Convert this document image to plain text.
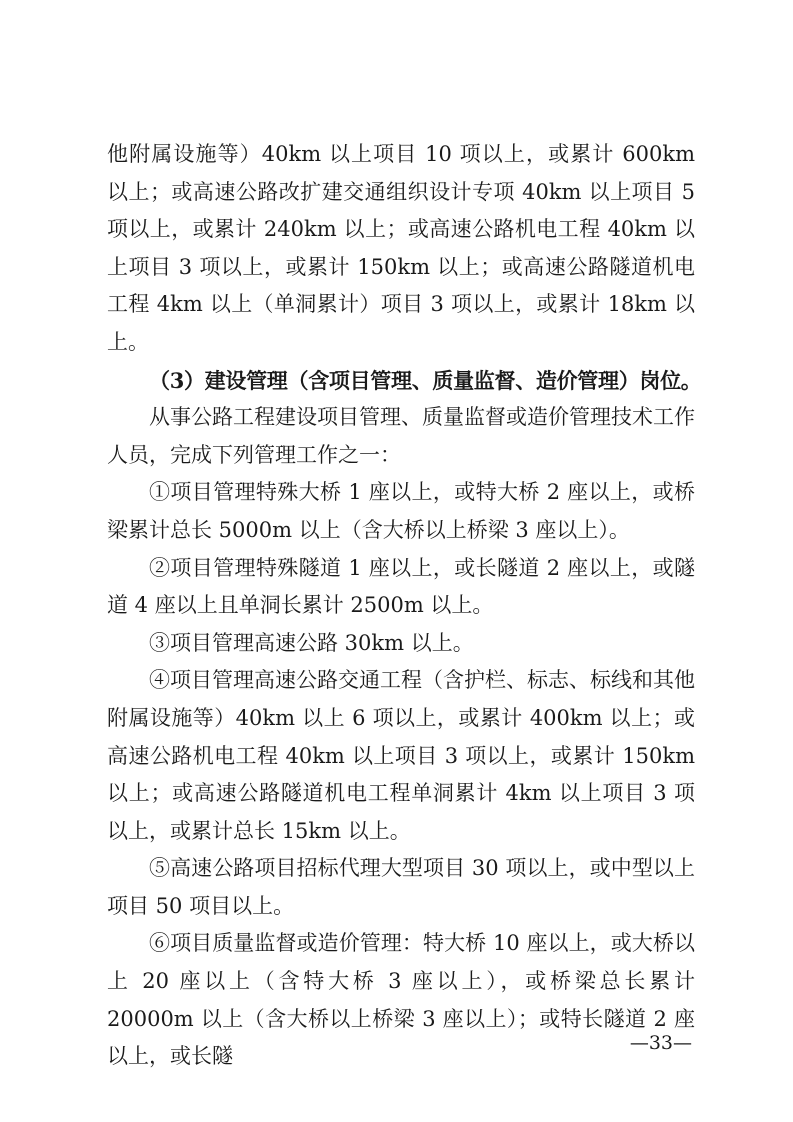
他附属设施等）40km 以上项目 10 项以上，或累计 600km 以上；或高速公路改扩建交通组织设计专项 40km 以上项目 5 项以上，或累计 240km 以上；或高速公路机电工程 40km 以上项目 3 项以上，或累计 150km 以上；或高速公路隧道机电工程 4km 以上（单洞累计）项目 3 项以上，或累计 18km 以上。

（3）建设管理（含项目管理、质量监督、造价管理）岗位。

从事公路工程建设项目管理、质量监督或造价管理技术工作人员，完成下列管理工作之一：

①项目管理特殊大桥 1 座以上，或特大桥 2 座以上，或桥梁累计总长 5000m 以上（含大桥以上桥梁 3 座以上）。

②项目管理特殊隧道 1 座以上，或长隧道 2 座以上，或隧道 4 座以上且单洞长累计 2500m 以上。

③项目管理高速公路 30km 以上。

④项目管理高速公路交通工程（含护栏、标志、标线和其他附属设施等）40km 以上 6 项以上，或累计 400km 以上；或高速公路机电工程 40km 以上项目 3 项以上，或累计 150km 以上；或高速公路隧道机电工程单洞累计 4km 以上项目 3 项以上，或累计总长 15km 以上。

⑤高速公路项目招标代理大型项目 30 项以上，或中型以上项目 50 项目以上。

⑥项目质量监督或造价管理：特大桥 10 座以上，或大桥以上 20 座以上（含特大桥 3 座以上），或桥梁总长累计 20000m 以上（含大桥以上桥梁 3 座以上）；或特长隧道 2 座以上，或长隧

—33—
